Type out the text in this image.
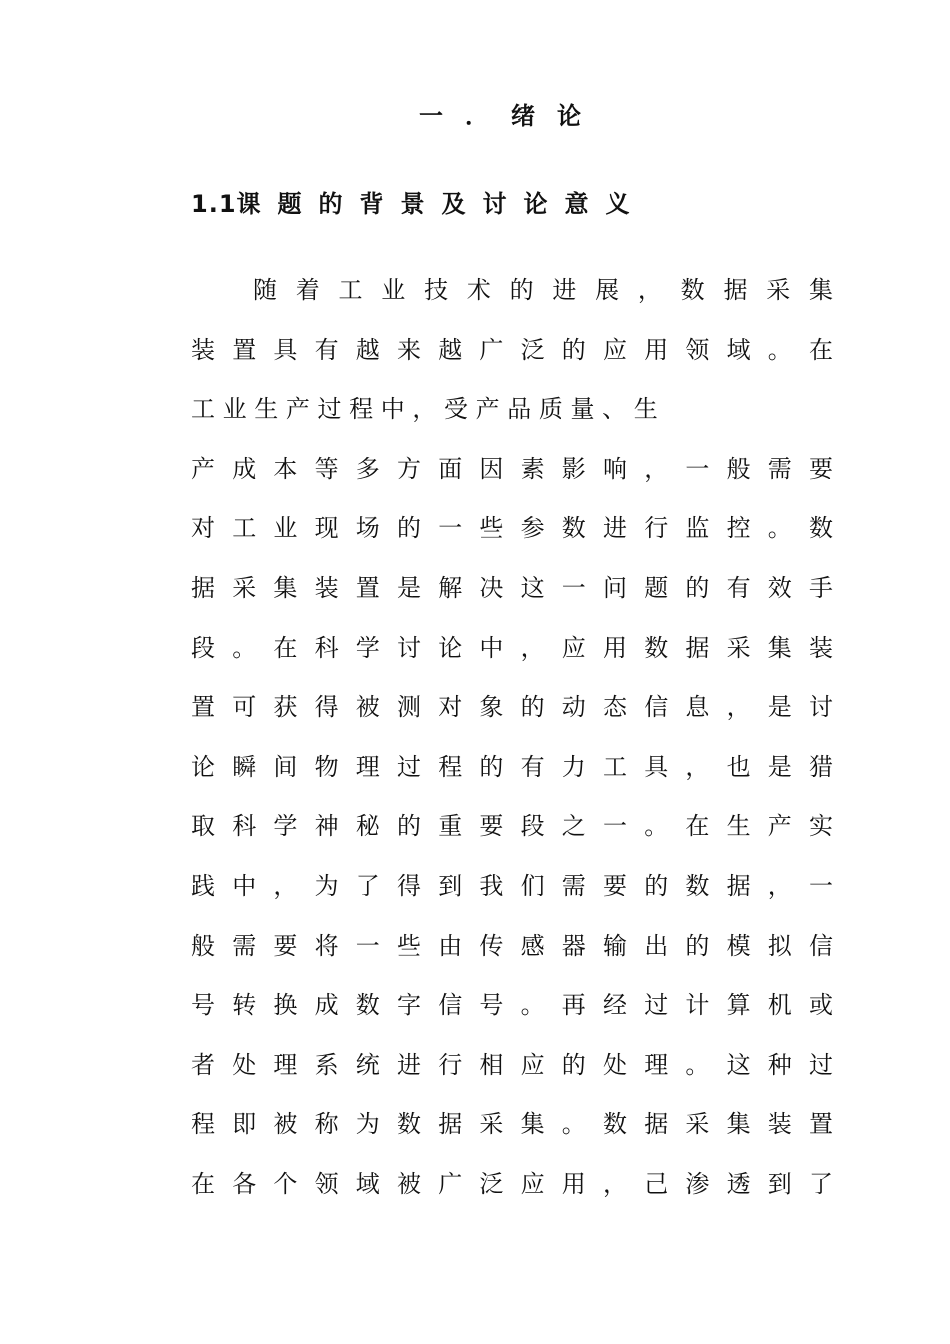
一．绪论
1.1课题的背景及讨论意义
随 着 工 业 技 术 的 进 展 ， 数 据 采 集
装 置 具 有 越 来 越 广 泛 的 应 用 领 域 。 在
工 业 生 产 过 程 中 ， 受 产 品 质 量 、 生
产 成 本 等 多 方 面 因 素 影 响 ， 一 般 需 要
对 工 业 现 场 的 一 些 参 数 进 行 监 控 。 数
据 采 集 装 置 是 解 决 这 一 问 题 的 有 效 手
段 。 在 科 学 讨 论 中 ， 应 用 数 据 采 集 装
置 可 获 得 被 测 对 象 的 动 态 信 息 ， 是 讨
论 瞬 间 物 理 过 程 的 有 力 工 具 ， 也 是 猎
取 科 学 神 秘 的 重 要 段 之 一 。 在 生 产 实
践 中 ， 为 了 得 到 我 们 需 要 的 数 据 ， 一
般 需 要 将 一 些 由 传 感 器 输 出 的 模 拟 信
号 转 换 成 数 字 信 号 。 再 经 过 计 算 机 或
者 处 理 系 统 进 行 相 应 的 处 理 。 这 种 过
程 即 被 称 为 数 据 采 集 。 数 据 采 集 装 置
在 各 个 领 域 被 广 泛 应 用 ， 己 渗 透 到 了
